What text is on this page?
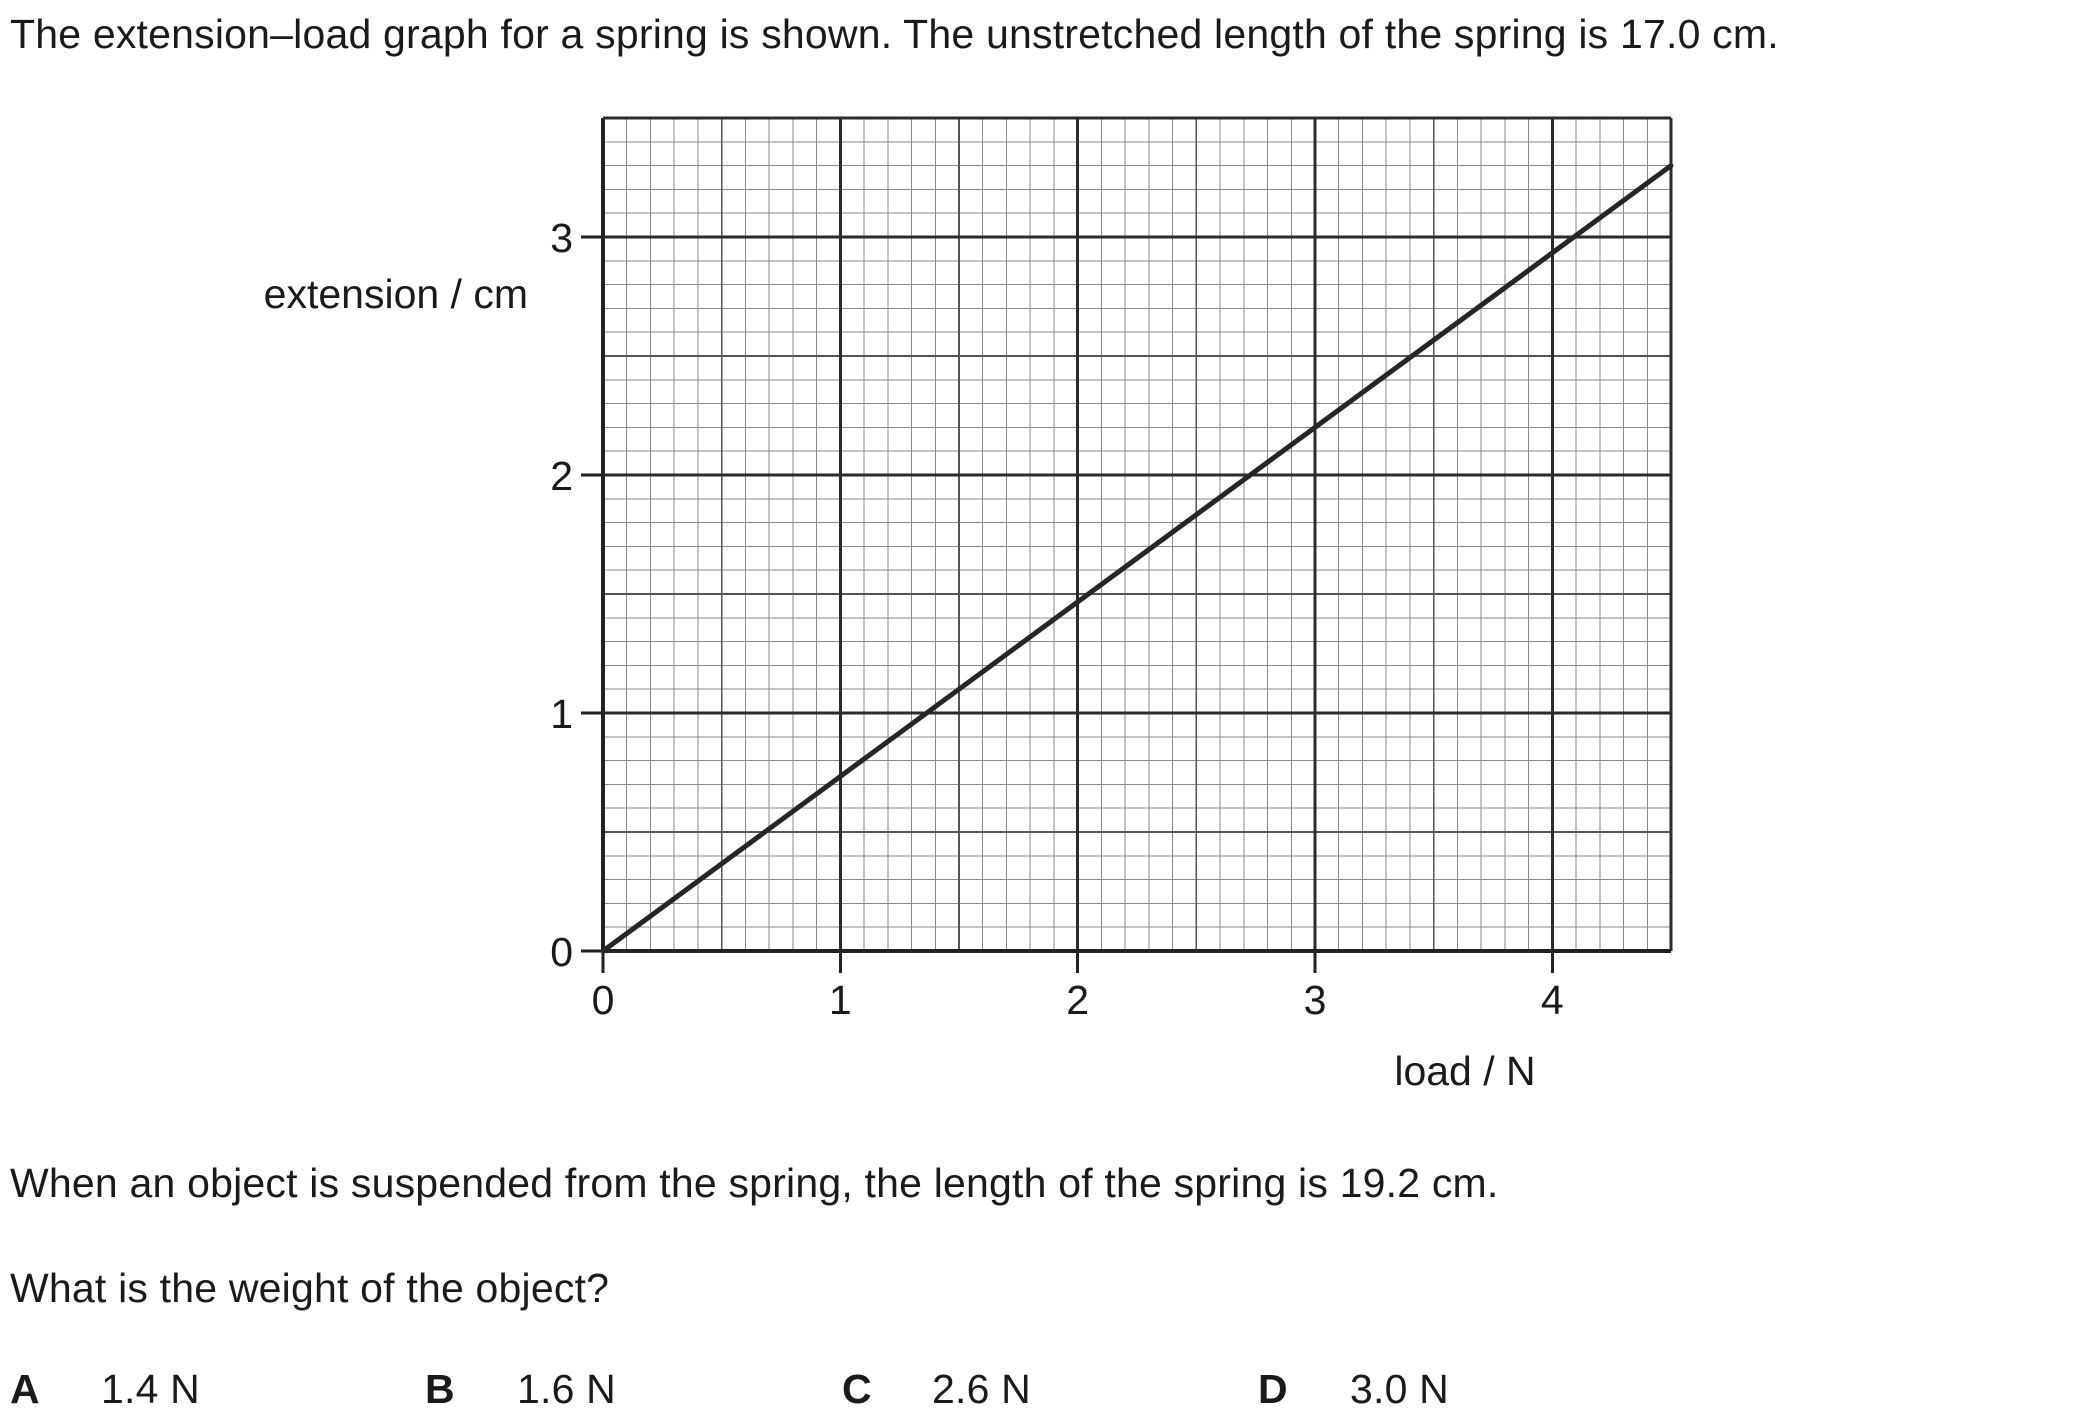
The extension–load graph for a spring is shown. The unstretched length of the spring is 17.0 cm.
0	1	2	3	4
0
1
2
3
extension / cm
load / N
When an object is suspended from the spring, the length of the spring is 19.2 cm.
What is the weight of the object?
A 1.4 N	B 1.6 N	C 2.6 N	D 3.0 N
